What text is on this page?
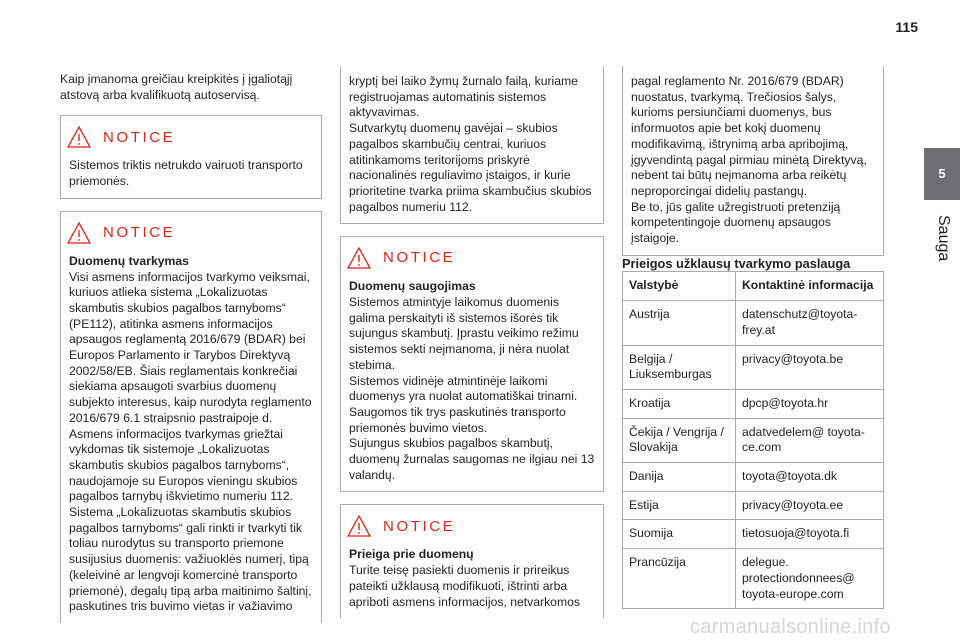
115
5
Sauga

Kaip įmanoma greičiau kreipkitės į įgaliotąjį atstovą arba kvalifikuotą autoservisą.

NOTICE
Sistemos triktis netrukdo vairuoti transporto priemonės.
NOTICE

Duomenų tvarkymas

Visi asmens informacijos tvarkymo veiksmai, kuriuos atlieka sistema „Lokalizuotas skambutis skubios pagalbos tarnyboms“ (PE112), atitinka asmens informacijos apsaugos reglamentą 2016/679 (BDAR) bei Europos Parlamento ir Tarybos Direktyvą 2002/58/EB. Šiais reglamentais konkrečiai siekiama apsaugoti svarbius duomenų subjekto interesus, kaip nurodyta reglamento 2016/679 6.1 straipsnio pastraipoje d. Asmens informacijos tvarkymas griežtai vykdomas tik sistemoje „Lokalizuotas skambutis skubios pagalbos tarnyboms“, naudojamoje su Europos vieningu skubios pagalbos tarnybų iškvietimo numeriu 112. Sistema „Lokalizuotas skambutis skubios pagalbos tarnyboms“ gali rinkti ir tvarkyti tik toliau nurodytus su transporto priemone susijusius duomenis: važiuoklės numerį, tipą (keleivinė ar lengvoji komercinė transporto priemonė), degalų tipą arba maitinimo šaltinį, paskutines tris buvimo vietas ir važiavimo

kryptį bei laiko žymų žurnalo failą, kuriame registruojamas automatinis sistemos aktyvavimas.

Sutvarkytų duomenų gavėjai – skubios pagalbos skambučių centrai, kuriuos atitinkamoms teritorijoms priskyrė nacionalinės reguliavimo įstaigos, ir kurie prioritetine tvarka priima skambučius skubios pagalbos numeriu 112.

NOTICE

Duomenų saugojimas

Sistemos atmintyje laikomus duomenis galima perskaityti iš sistemos išorės tik sujungus skambutį. Įprastu veikimo režimu sistemos sekti neįmanoma, ji nėra nuolat stebima.

Sistemos vidinėje atmintinėje laikomi duomenys yra nuolat automatiškai trinami. Saugomos tik trys paskutinės transporto priemonės buvimo vietos.

Sujungus skubios pagalbos skambutį, duomenų žurnalas saugomas ne ilgiau nei 13 valandų.

NOTICE

Prieiga prie duomenų

Turite teisę pasiekti duomenis ir prireikus pateikti užklausą modifikuoti, ištrinti arba apriboti asmens informacijos, netvarkomos

pagal reglamento Nr. 2016/679 (BDAR) nuostatus, tvarkymą. Trečiosios šalys, kurioms persiunčiami duomenys, bus informuotos apie bet kokį duomenų modifikavimą, ištrynimą arba apribojimą, įgyvendintą pagal pirmiau minėtą Direktyvą, nebent tai būtų neįmanoma arba reikėtų neproporcingai didelių pastangų.

Be to, jūs galite užregistruoti pretenziją kompetentingoje duomenų apsaugos įstaigoje.

Prieigos užklausų tvarkymo paslauga

Valstybė	Kontaktinė informacija
Austrija	datenschutz@toyota-frey.at
Belgija / Liuksemburgas	privacy@toyota.be
Kroatija	dpcp@toyota.hr
Čekija / Vengrija / Slovakija	adatvedelem@ toyota-ce.com
Danija	toyota@toyota.dk
Estija	privacy@toyota.ee
Suomija	tietosuoja@toyota.fi
Prancūzija	delegue. protectiondonnees@ toyota-europe.com
carmanualsonline.info
